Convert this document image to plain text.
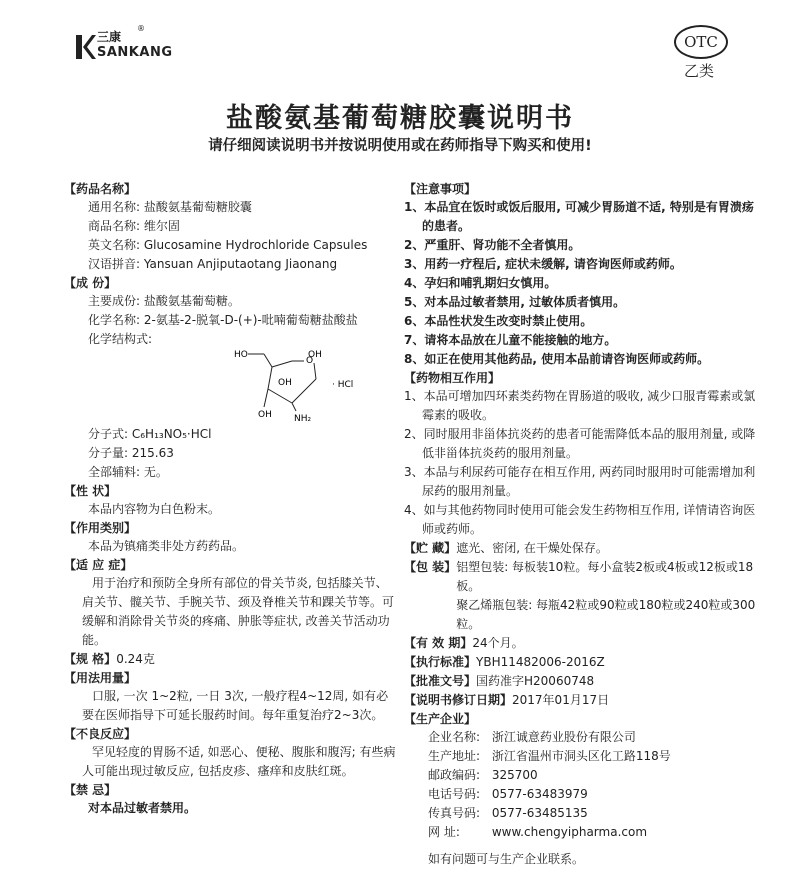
三康
®
SANKANG
OTC
乙类
盐酸氨基葡萄糖胶囊说明书
请仔细阅读说明书并按说明使用或在药师指导下购买和使用!
【药品名称】
通用名称: 盐酸氨基葡萄糖胶囊
商品名称: 维尔固
英文名称: Glucosamine Hydrochloride Capsules
汉语拼音: Yansuan Anjiputaotang Jiaonang
【成 份】
主要成份: 盐酸氨基葡萄糖。
化学名称: 2-氨基-2-脱氧-D-(+)-吡喃葡萄糖盐酸盐
化学结构式:
HO
O
OH
OH
OH NH₂
· HCl
分子式: C₆H₁₃NO₅·HCl
分子量: 215.63
全部辅料: 无。
【性 状】
本品内容物为白色粉末。
【作用类别】
本品为镇痛类非处方药药品。
【适 应 症】
用于治疗和预防全身所有部位的骨关节炎, 包括膝关节、肩关节、髋关节、手腕关节、颈及脊椎关节和踝关节等。可缓解和消除骨关节炎的疼痛、肿胀等症状, 改善关节活动功能。
【规 格】 0.24克
【用法用量】
口服, 一次 1~2粒, 一日 3次, 一般疗程4~12周, 如有必要在医师指导下可延长服药时间。每年重复治疗2~3次。
【不良反应】
罕见轻度的胃肠不适, 如恶心、便秘、腹胀和腹泻; 有些病人可能出现过敏反应, 包括皮疹、瘙痒和皮肤红斑。
【禁 忌】
对本品过敏者禁用。
【注意事项】
1、本品宜在饭时或饭后服用, 可减少胃肠道不适, 特别是有胃溃疡的患者。
2、严重肝、肾功能不全者慎用。
3、用药一疗程后, 症状未缓解, 请咨询医师或药师。
4、孕妇和哺乳期妇女慎用。
5、对本品过敏者禁用, 过敏体质者慎用。
6、本品性状发生改变时禁止使用。
7、请将本品放在儿童不能接触的地方。
8、如正在使用其他药品, 使用本品前请咨询医师或药师。
【药物相互作用】
1、本品可增加四环素类药物在胃肠道的吸收, 减少口服青霉素或氯霉素的吸收。
2、同时服用非甾体抗炎药的患者可能需降低本品的服用剂量, 或降低非甾体抗炎药的服用剂量。
3、本品与利尿药可能存在相互作用, 两药同时服用时可能需增加利尿药的服用剂量。
4、如与其他药物同时使用可能会发生药物相互作用, 详情请咨询医师或药师。
【贮 藏】 遮光、密闭, 在干燥处保存。
【包 装】 铝塑包装: 每板装10粒。每小盒装2板或4板或12板或18板。
聚乙烯瓶包装: 每瓶42粒或90粒或180粒或240粒或300粒。
【有 效 期】 24个月。
【执行标准】 YBH11482006-2016Z
【批准文号】 国药准字H20060748
【说明书修订日期】 2017年01月17日
【生产企业】
企业名称: 浙江诚意药业股份有限公司
生产地址: 浙江省温州市洞头区化工路118号
邮政编码: 325700
电话号码: 0577-63483979
传真号码: 0577-63485135
网 址:	www.chengyipharma.com
如有问题可与生产企业联系。
